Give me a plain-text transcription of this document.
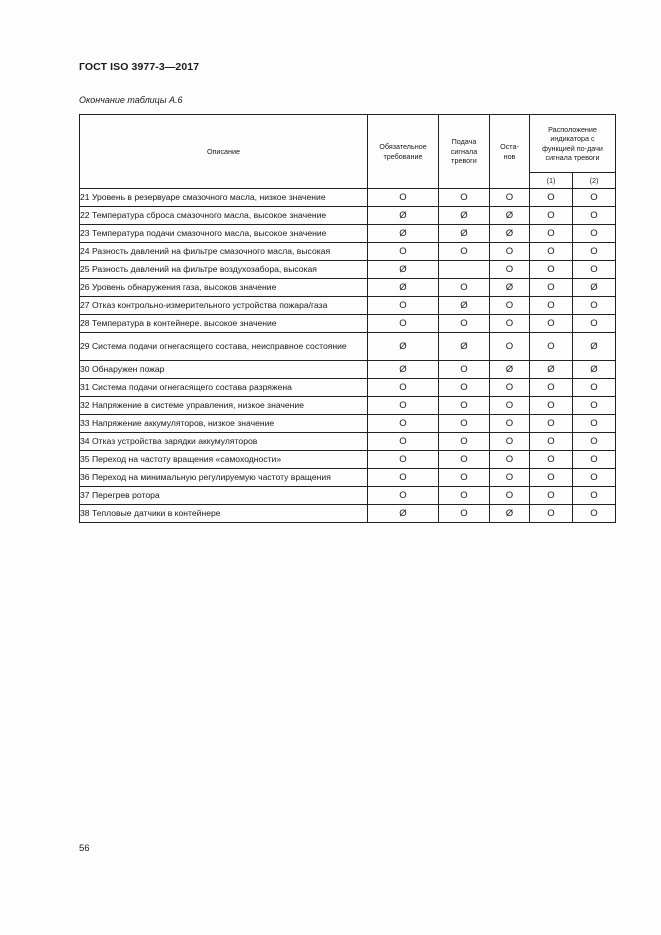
ГОСТ ISO 3977-3—2017
Окончание таблицы А.6
Описание	Обязательное требование	Подача сигнала тревоги	Оста-нов	Расположение индикатора с функцией по-дачи сигнала тревоги	
				(1)	(2)
21 Уровень в резервуаре смазочного масла, низкое значение	O	O	O	O	O
22 Температура сброса смазочного масла, высокое значение	Ø	Ø	Ø	O	O
23 Температура подачи смазочного масла, высокое значение	Ø	Ø	Ø	O	O
24 Разность давлений на фильтре смазочного масла, высокая	O	O	O	O	O
25 Разность давлений на фильтре воздухозабора, высокая	Ø		O	O	O
26 Уровень обнаружения газа, высоков значение	Ø	O	Ø	O	Ø
27 Отказ контрольно-измерительного устройства пожара/газа	O	Ø	O	O	O
28 Температура в контейнере. высокое значение	O	O	O	O	O
29 Система подачи огнегасящего состава, неисправное состояние	Ø	Ø	O	O	Ø
30 Обнаружен пожар	Ø	O	Ø	Ø	Ø
31 Система подачи огнегасящего состава разряжена	O	O	O	O	O
32 Напряжение в системе управления, низкое значение	O	O	O	O	O
33 Напряжение аккумуляторов, низкое значение	O	O	O	O	O
34 Отказ устройства зарядки аккумуляторов	O	O	O	O	O
35 Переход на частоту вращения «самоходности»	O	O	O	O	O
36 Переход на минимальную регулируемую частоту вращения	O	O	O	O	O
37 Перегрев ротора	O	O	O	O	O
38 Тепловые датчики в контейнере	Ø	O	Ø	O	O
56
